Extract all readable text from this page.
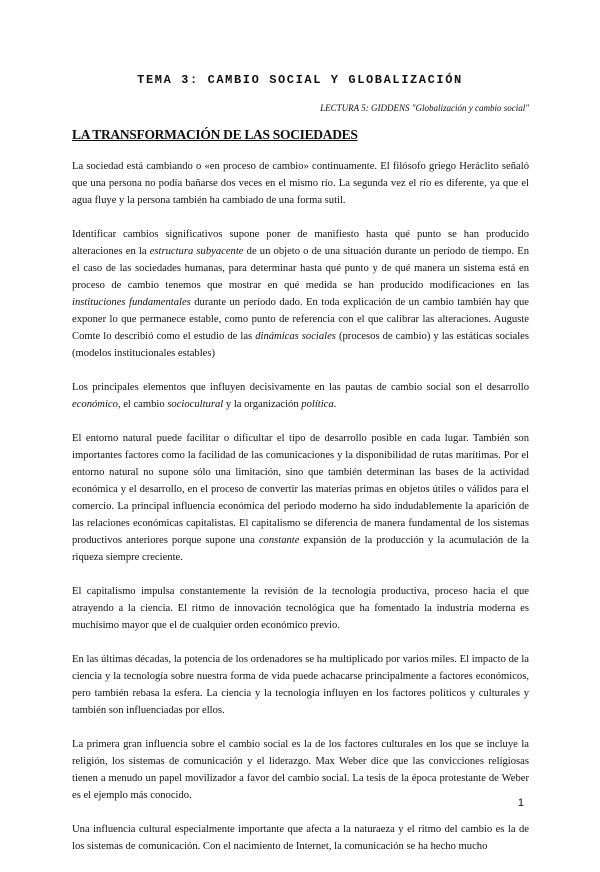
TEMA 3: CAMBIO SOCIAL Y GLOBALIZACIÓN
LECTURA 5: GIDDENS "Globalización y cambio social"
LA TRANSFORMACIÓN DE LAS SOCIEDADES

La sociedad está cambiando o «en proceso de cambio» continuamente. El filósofo griego Heráclito señaló que una persona no podía bañarse dos veces en el mismo río. La segunda vez el río es diferente, ya que el agua fluye y la persona también ha cambiado de una forma sutil.

Identificar cambios significativos supone poner de manifiesto hasta qué punto se han producido alteraciones en la estructura subyacente de un objeto o de una situación durante un período de tiempo. En el caso de las sociedades humanas, para determinar hasta qué punto y de qué manera un sistema está en proceso de cambio tenemos que mostrar en qué medida se han producido modificaciones en las instituciones fundamentales durante un período dado. En toda explicación de un cambio también hay que exponer lo que permanece estable, como punto de referencia con el que calibrar las alteraciones. Auguste Comte lo describió como el estudio de las dinámicas sociales (procesos de cambio) y las estáticas sociales (modelos institucionales estables)

Los principales elementos que influyen decisivamente en las pautas de cambio social son el desarrollo económico, el cambio sociocultural y la organización política.

El entorno natural puede facilitar o dificultar el tipo de desarrollo posible en cada lugar. También son importantes factores como la facilidad de las comunicaciones y la disponibilidad de rutas marítimas. Por el entorno natural no supone sólo una limitación, sino que también determinan las bases de la actividad económica y el desarrollo, en el proceso de convertir las materias primas en objetos útiles o válidos para el comercio. La principal influencia económica del periodo moderno ha sido indudablemente la aparición de las relaciones económicas capitalistas. El capitalismo se diferencia de manera fundamental de los sistemas productivos anteriores porque supone una constante expansión de la producción y la acumulación de la riqueza siempre creciente.

El capitalismo impulsa constantemente la revisión de la tecnología productiva, proceso hacia el que atrayendo a la ciencia. El ritmo de innovación tecnológica que ha fomentado la industria moderna es muchísimo mayor que el de cualquier orden económico previo.

En las últimas décadas, la potencia de los ordenadores se ha multiplicado por varios miles. El impacto de la ciencia y la tecnología sobre nuestra forma de vida puede achacarse principalmente a factores económicos, pero también rebasa la esfera. La ciencia y la tecnología influyen en los factores políticos y culturales y también son influenciadas por ellos.

La primera gran influencia sobre el cambio social es la de los factores culturales en los que se incluye la religión, los sistemas de comunicación y el liderazgo. Max Weber dice que las convicciones religiosas tienen a menudo un papel movilizador a favor del cambio social. La tesis de la época protestante de Weber es el ejemplo más conocido.

Una influencia cultural especialmente importante que afecta a la naturaeza y el ritmo del cambio es la de los sistemas de comunicación. Con el nacimiento de Internet, la comunicación se ha hecho mucho

1
